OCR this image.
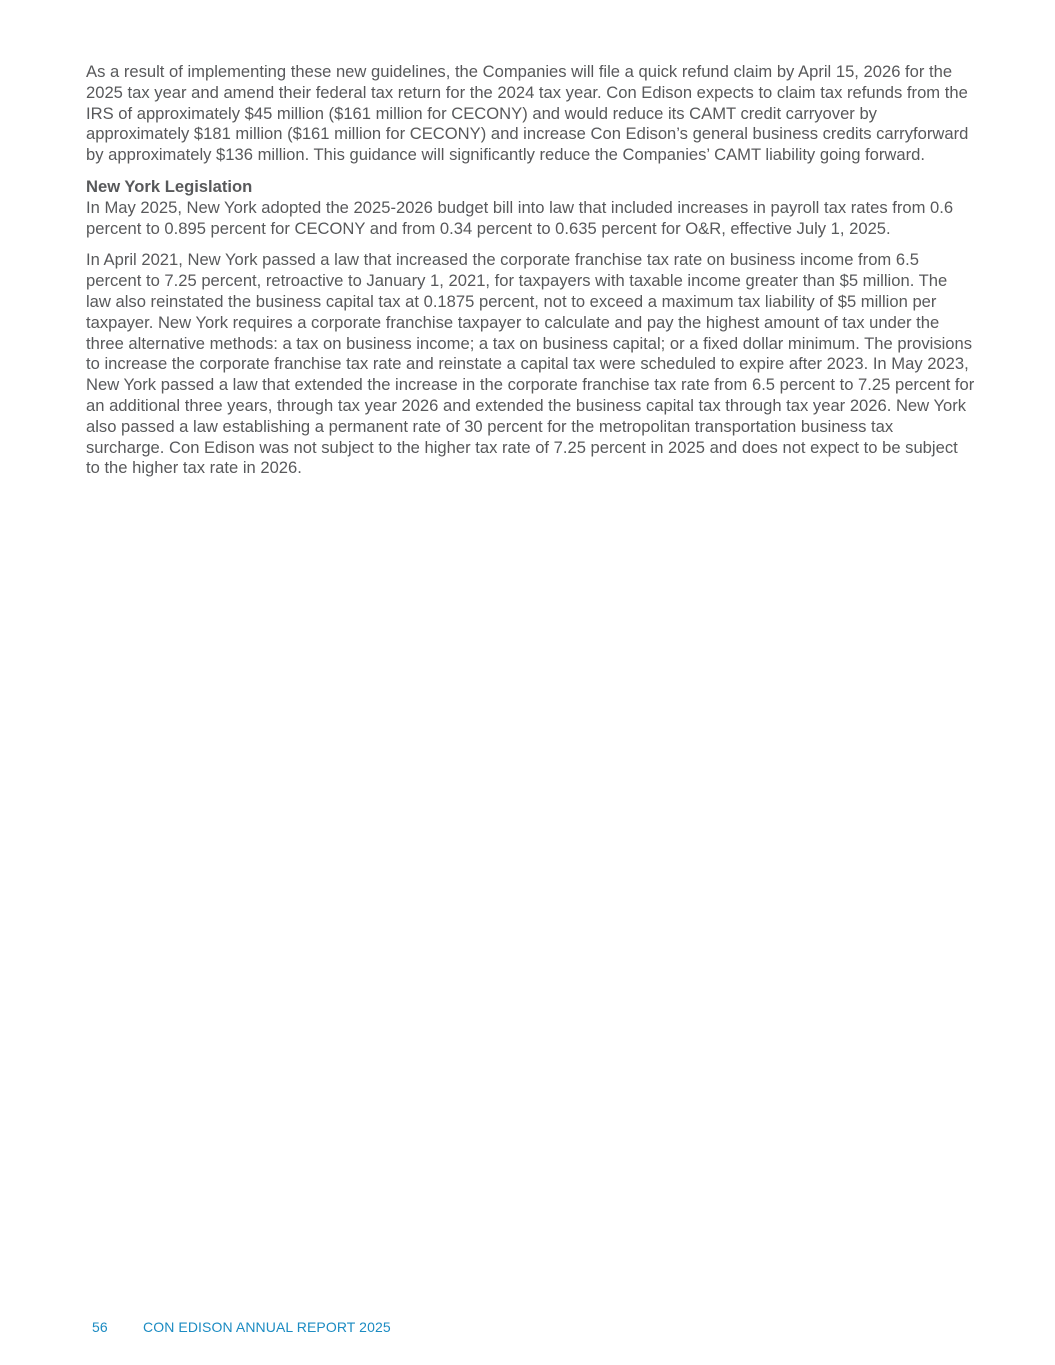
As a result of implementing these new guidelines, the Companies will file a quick refund claim by April 15, 2026 for the 2025 tax year and amend their federal tax return for the 2024 tax year. Con Edison expects to claim tax refunds from the IRS of approximately $45 million ($161 million for CECONY) and would reduce its CAMT credit carryover by approximately $181 million ($161 million for CECONY) and increase Con Edison’s general business credits carryforward by approximately $136 million. This guidance will significantly reduce the Companies’ CAMT liability going forward.

New York Legislation

In May 2025, New York adopted the 2025-2026 budget bill into law that included increases in payroll tax rates from 0.6 percent to 0.895 percent for CECONY and from 0.34 percent to 0.635 percent for O&R, effective July 1, 2025.

In April 2021, New York passed a law that increased the corporate franchise tax rate on business income from 6.5 percent to 7.25 percent, retroactive to January 1, 2021, for taxpayers with taxable income greater than $5 million. The law also reinstated the business capital tax at 0.1875 percent, not to exceed a maximum tax liability of $5 million per taxpayer. New York requires a corporate franchise taxpayer to calculate and pay the highest amount of tax under the three alternative methods: a tax on business income; a tax on business capital; or a fixed dollar minimum. The provisions to increase the corporate franchise tax rate and reinstate a capital tax were scheduled to expire after 2023. In May 2023, New York passed a law that extended the increase in the corporate franchise tax rate from 6.5 percent to 7.25 percent for an additional three years, through tax year 2026 and extended the business capital tax through tax year 2026. New York also passed a law establishing a permanent rate of 30 percent for the metropolitan transportation business tax surcharge. Con Edison was not subject to the higher tax rate of 7.25 percent in 2025 and does not expect to be subject to the higher tax rate in 2026.

56	CON EDISON ANNUAL REPORT 2025
